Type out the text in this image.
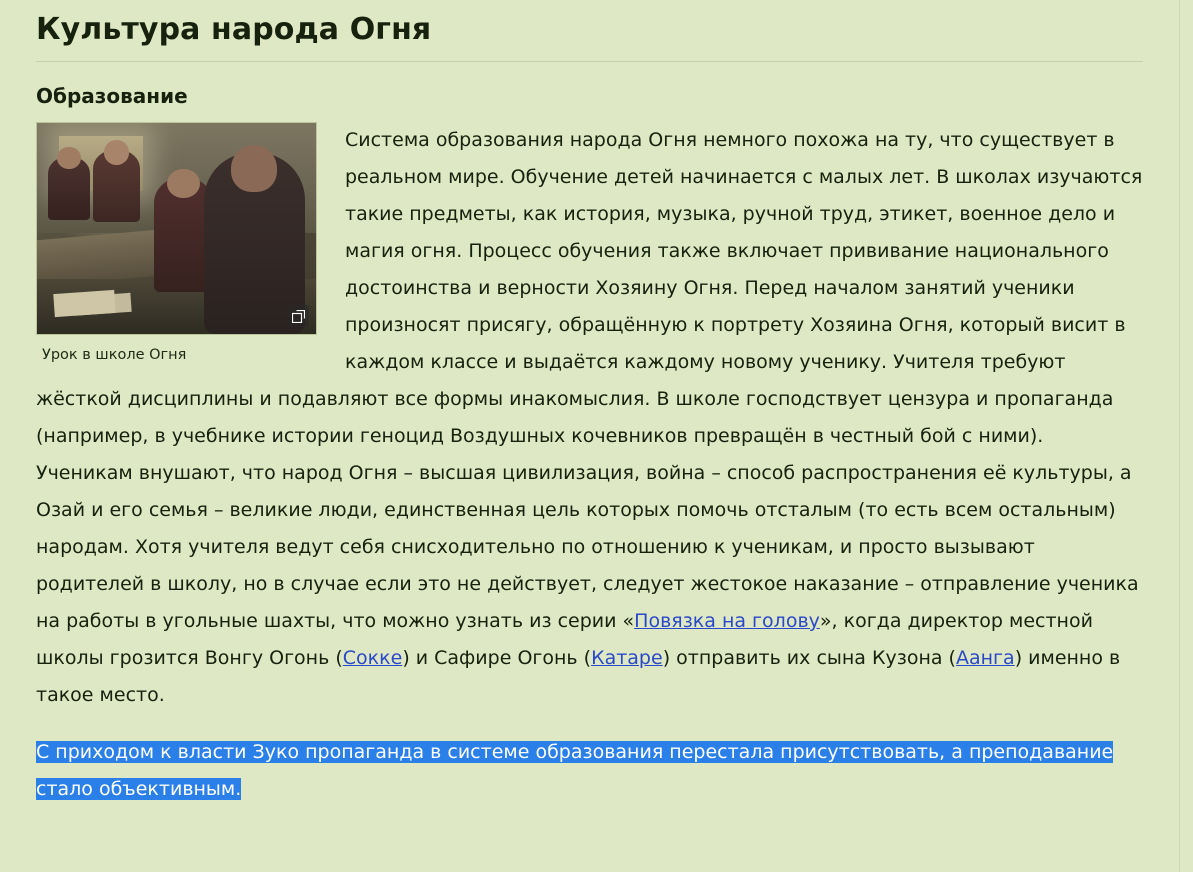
Культура народа Огня
Образование
Урок в школе Огня

Система образования народа Огня немного похожа на ту, что существует в реальном мире. Обучение детей начинается с малых лет. В школах изучаются такие предметы, как история, музыка, ручной труд, этикет, военное дело и магия огня. Процесс обучения также включает прививание национального достоинства и верности Хозяину Огня. Перед началом занятий ученики произносят присягу, обращённую к портрету Хозяина Огня, который висит в каждом классе и выдаётся каждому новому ученику. Учителя требуют жёсткой дисциплины и подавляют все формы инакомыслия. В школе господствует цензура и пропаганда (например, в учебнике истории геноцид Воздушных кочевников превращён в честный бой с ними). Ученикам внушают, что народ Огня – высшая цивилизация, война – способ распространения её культуры, а Озай и его семья – великие люди, единственная цель которых помочь отсталым (то есть всем остальным) народам. Хотя учителя ведут себя снисходительно по отношению к ученикам, и просто вызывают родителей в школу, но в случае если это не действует, следует жестокое наказание – отправление ученика на работы в угольные шахты, что можно узнать из серии «Повязка на голову», когда директор местной школы грозится Вонгу Огонь (Сокке) и Сафире Огонь (Катаре) отправить их сына Кузона (Аанга) именно в такое место.

С приходом к власти Зуко пропаганда в системе образования перестала присутствовать, а преподавание стало объективным.
